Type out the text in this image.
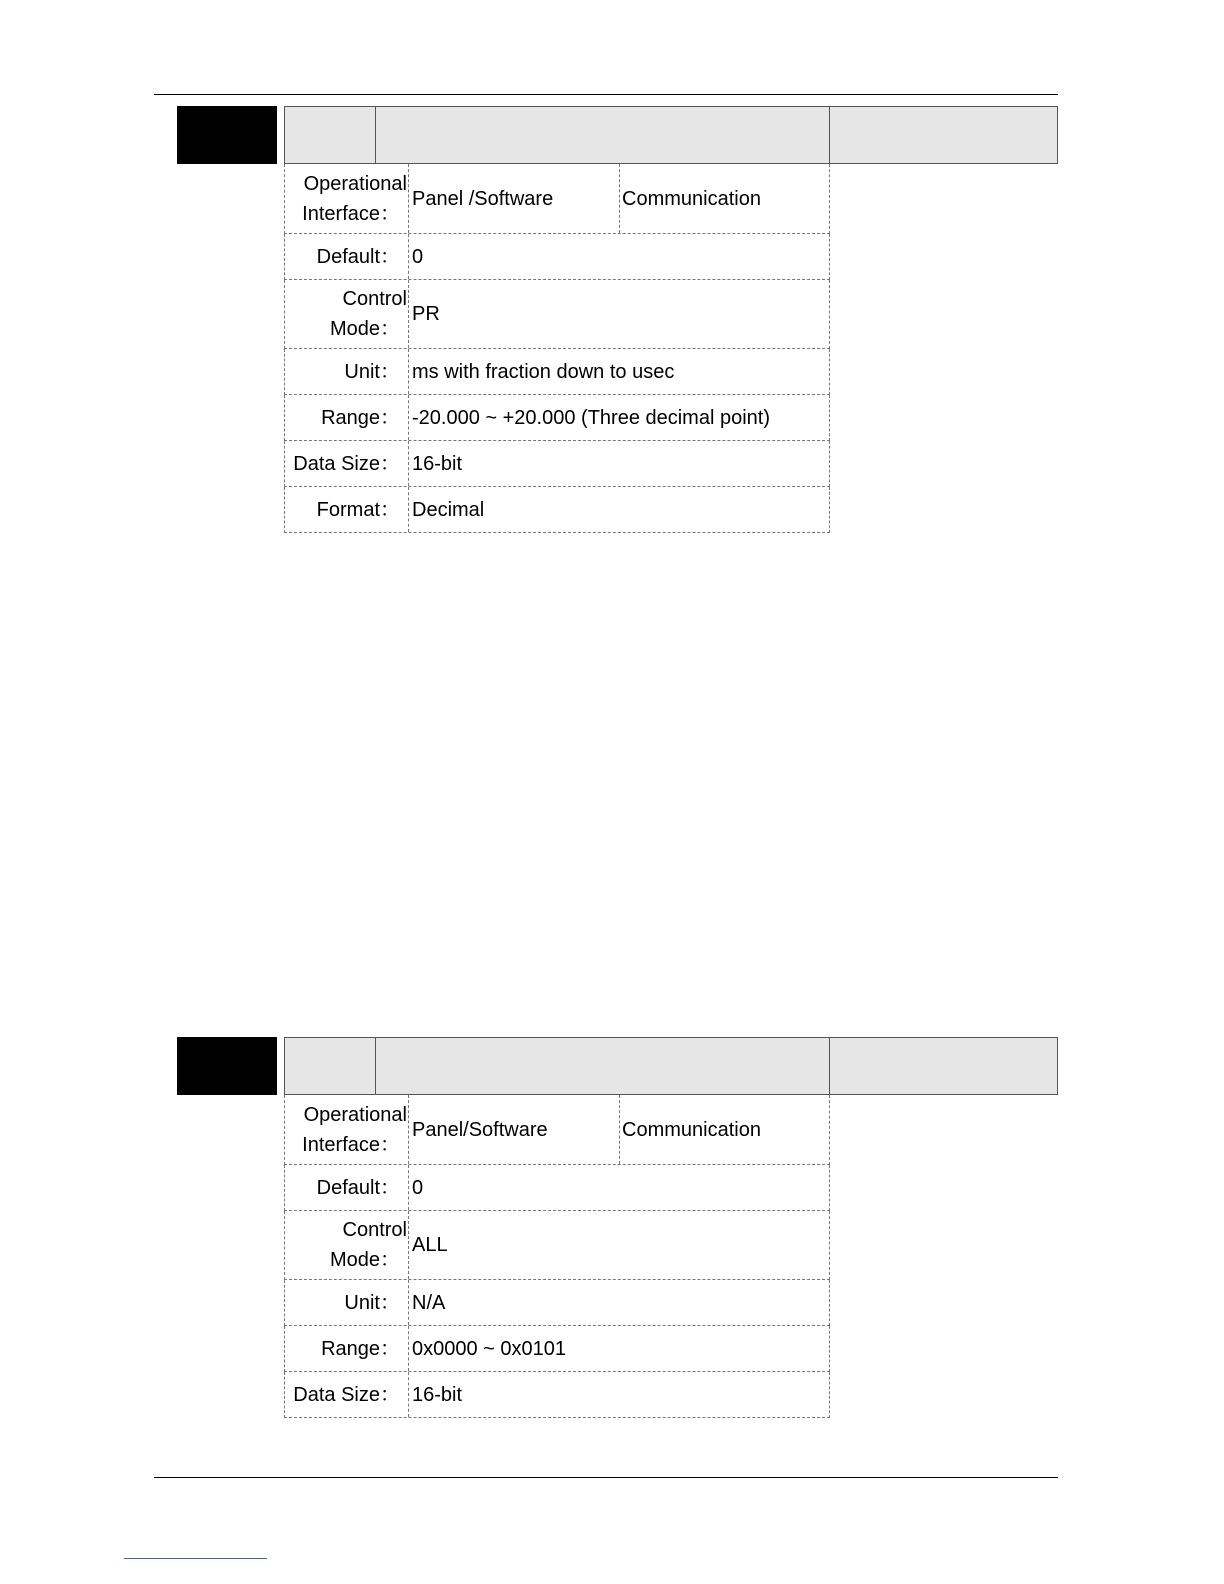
Operational
Interface：
Panel /Software	Communication
Default： 0
Control
Mode：
PR
Unit： ms with fraction down to usec
Range： -20.000 ~ +20.000 (Three decimal point)
Data Size： 16-bit
Format： Decimal
Operational
Interface：
Panel/Software	Communication
Default： 0
Control
Mode：
ALL
Unit： N/A
Range： 0x0000 ~ 0x0101
Data Size： 16-bit
